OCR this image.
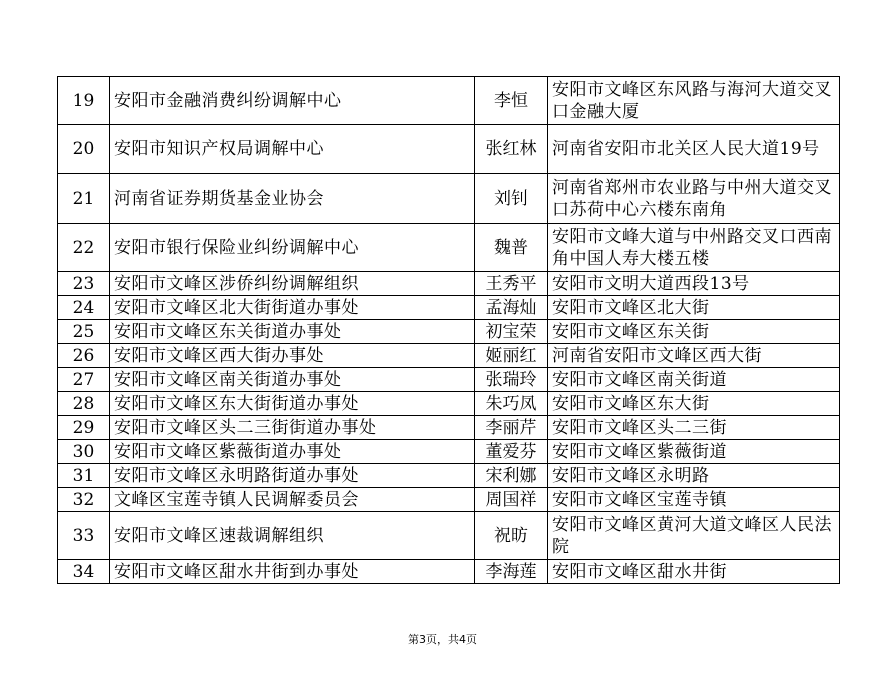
19	安阳市金融消费纠纷调解中心	李恒	安阳市文峰区东风路与海河大道交叉口金融大厦
20	安阳市知识产权局调解中心	张红林	河南省安阳市北关区人民大道19号
21	河南省证券期货基金业协会	刘钊	河南省郑州市农业路与中州大道交叉口苏荷中心六楼东南角
22	安阳市银行保险业纠纷调解中心	魏普	安阳市文峰大道与中州路交叉口西南角中国人寿大楼五楼
23	安阳市文峰区涉侨纠纷调解组织	王秀平	安阳市文明大道西段13号
24	安阳市文峰区北大街街道办事处	孟海灿	安阳市文峰区北大街
25	安阳市文峰区东关街道办事处	初宝荣	安阳市文峰区东关街
26	安阳市文峰区西大街办事处	姬丽红	河南省安阳市文峰区西大街
27	安阳市文峰区南关街道办事处	张瑞玲	安阳市文峰区南关街道
28	安阳市文峰区东大街街道办事处	朱巧凤	安阳市文峰区东大街
29	安阳市文峰区头二三街街道办事处	李丽芹	安阳市文峰区头二三街
30	安阳市文峰区紫薇街道办事处	董爱芬	安阳市文峰区紫薇街道
31	安阳市文峰区永明路街道办事处	宋利娜	安阳市文峰区永明路
32	文峰区宝莲寺镇人民调解委员会	周国祥	安阳市文峰区宝莲寺镇
33	安阳市文峰区速裁调解组织	祝昉	安阳市文峰区黄河大道文峰区人民法院
34	安阳市文峰区甜水井街到办事处	李海莲	安阳市文峰区甜水井街
第3页，共4页
